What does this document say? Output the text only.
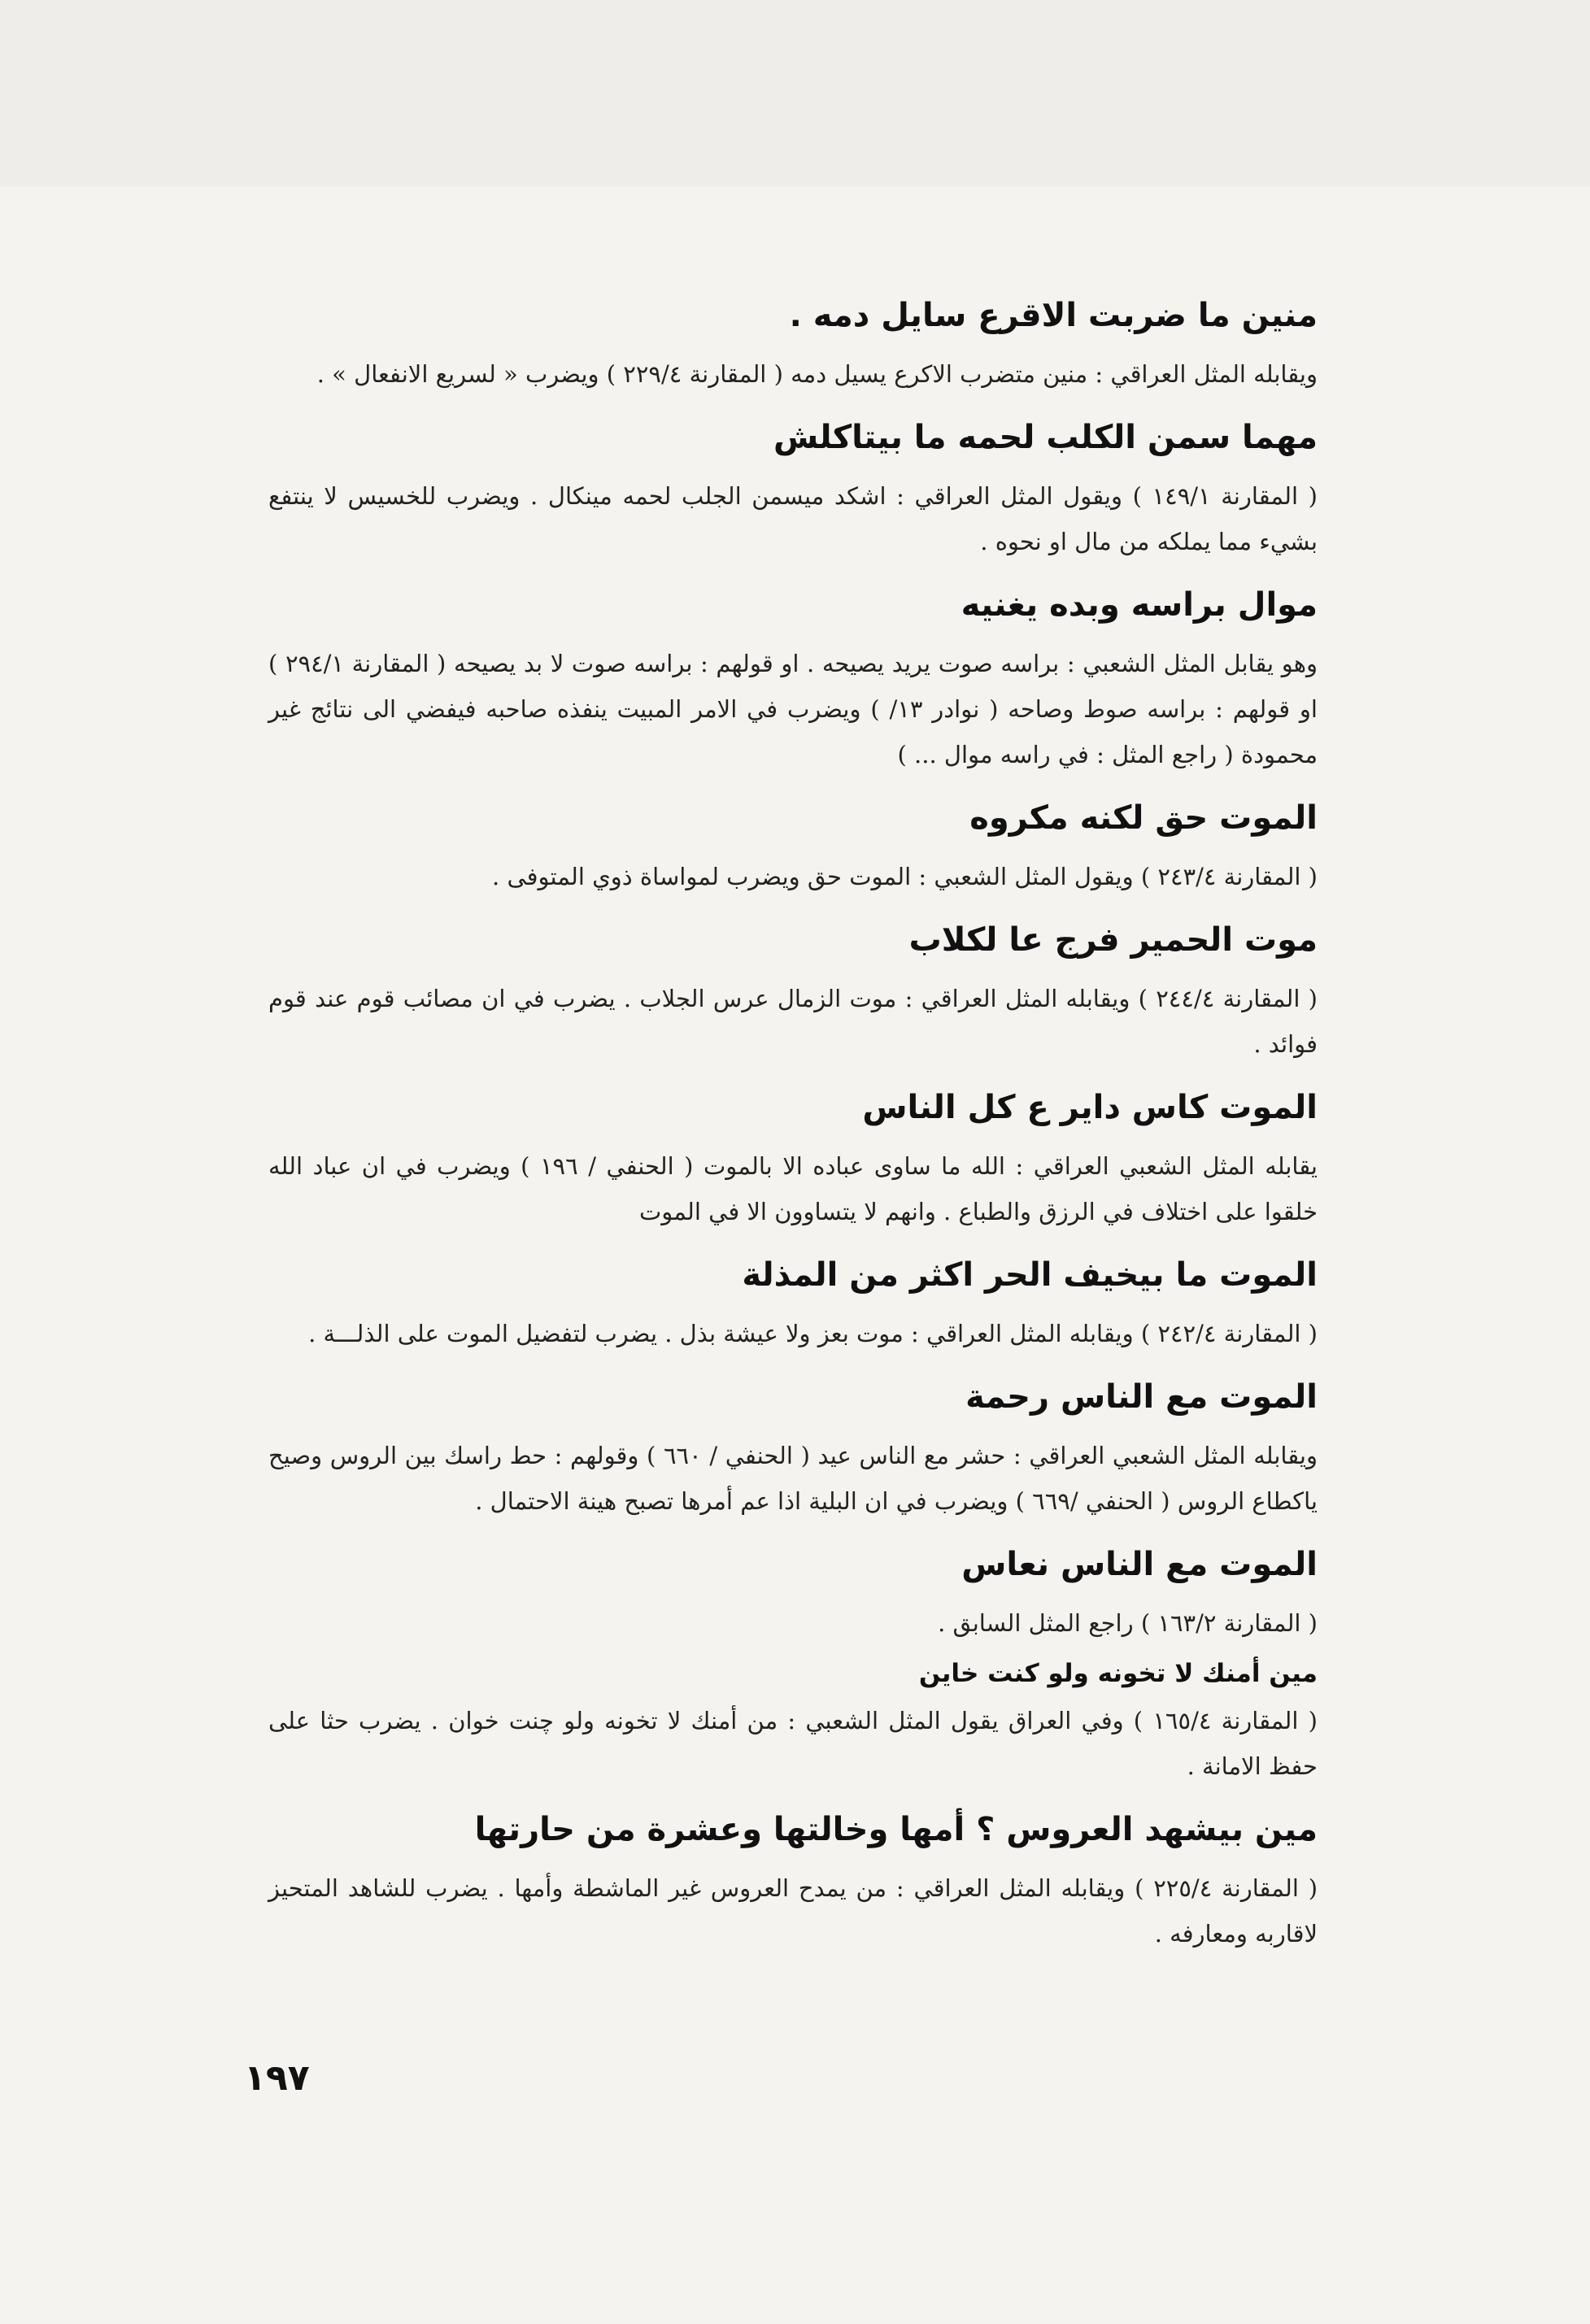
منين ما ضربت الاقرع سايل دمه .

ويقابله المثل العراقي : منين متضرب الاكرع يسيل دمه ( المقارنة ٢٢٩/٤ ) ويضرب « لسريع الانفعال » .

مهما سمن الكلب لحمه ما بيتاكلش

( المقارنة ١٤٩/١ ) ويقول المثل العراقي : اشكد ميسمن الجلب لحمه مينكال . ويضرب للخسيس لا ينتفع بشيء مما يملكه من مال او نحوه .

موال براسه وبده يغنيه

وهو يقابل المثل الشعبي : براسه صوت يريد يصيحه . او قولهم : براسه صوت لا بد يصيحه ( المقارنة ٢٩٤/١ ) او قولهم : براسه صوط وصاحه ( نوادر ١٣/ ) ويضرب في الامر المبيت ينفذه صاحبه فيفضي الى نتائج غير محمودة ( راجع المثل : في راسه موال ... )

الموت حق لكنه مكروه

( المقارنة ٢٤٣/٤ ) ويقول المثل الشعبي : الموت حق ويضرب لمواساة ذوي المتوفى .

موت الحمير فرج عا لكلاب

( المقارنة ٢٤٤/٤ ) ويقابله المثل العراقي : موت الزمال عرس الجلاب . يضرب في ان مصائب قوم عند قوم فوائد .

الموت كاس داير ع كل الناس

يقابله المثل الشعبي العراقي : الله ما ساوى عباده الا بالموت ( الحنفي / ١٩٦ ) ويضرب في ان عباد الله خلقوا على اختلاف في الرزق والطباع . وانهم لا يتساوون الا في الموت

الموت ما بيخيف الحر اكثر من المذلة

( المقارنة ٢٤٢/٤ ) ويقابله المثل العراقي : موت بعز ولا عيشة بذل . يضرب لتفضيل الموت على الذلـــة .

الموت مع الناس رحمة

ويقابله المثل الشعبي العراقي : حشر مع الناس عيد ( الحنفي / ٦٦٠ ) وقولهم : حط راسك بين الروس وصيح ياكطاع الروس ( الحنفي /٦٦٩ ) ويضرب في ان البلية اذا عم أمرها تصبح هينة الاحتمال .

الموت مع الناس نعاس

( المقارنة ١٦٣/٢ ) راجع المثل السابق .

مين أمنك لا تخونه ولو كنت خاين

( المقارنة ١٦٥/٤ ) وفي العراق يقول المثل الشعبي : من أمنك لا تخونه ولو چنت خوان . يضرب حثا على حفظ الامانة .

مين بيشهد العروس ؟ أمها وخالتها وعشرة من حارتها

( المقارنة ٢٢٥/٤ ) ويقابله المثل العراقي : من يمدح العروس غير الماشطة وأمها . يضرب للشاهد المتحيز لاقاربه ومعارفه .

١٩٧
